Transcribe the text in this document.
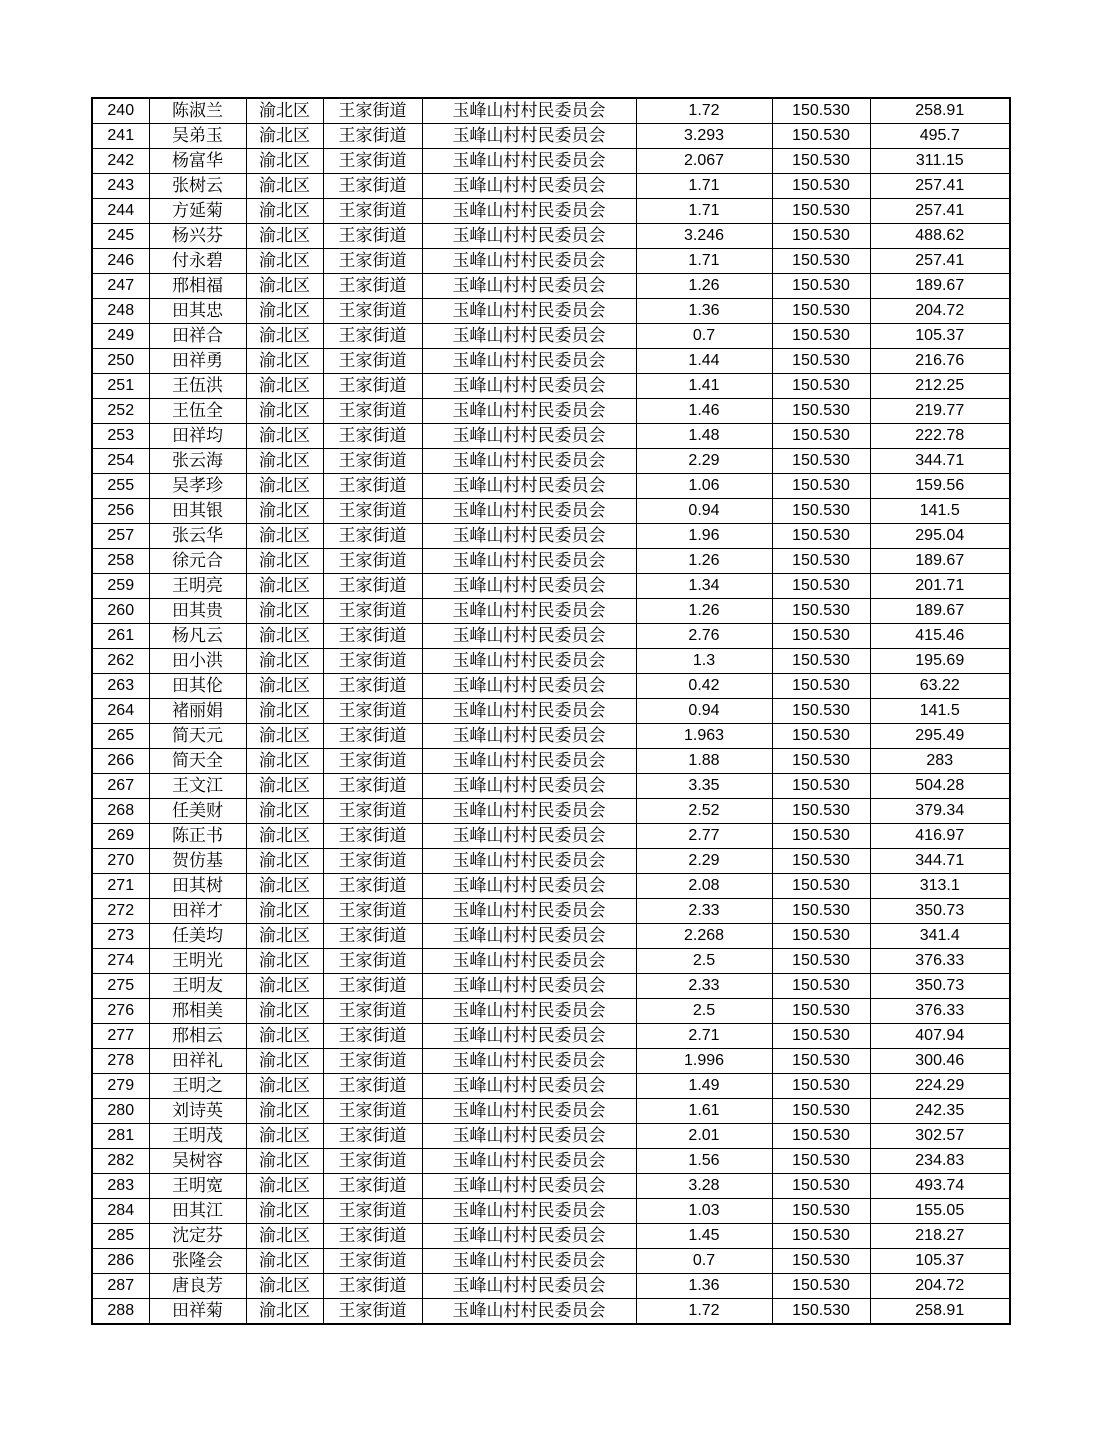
240	陈淑兰	渝北区	王家街道	玉峰山村村民委员会	1.72	150.530	258.91
241	吴弟玉	渝北区	王家街道	玉峰山村村民委员会	3.293	150.530	495.7
242	杨富华	渝北区	王家街道	玉峰山村村民委员会	2.067	150.530	311.15
243	张树云	渝北区	王家街道	玉峰山村村民委员会	1.71	150.530	257.41
244	方延菊	渝北区	王家街道	玉峰山村村民委员会	1.71	150.530	257.41
245	杨兴芬	渝北区	王家街道	玉峰山村村民委员会	3.246	150.530	488.62
246	付永碧	渝北区	王家街道	玉峰山村村民委员会	1.71	150.530	257.41
247	邢相福	渝北区	王家街道	玉峰山村村民委员会	1.26	150.530	189.67
248	田其忠	渝北区	王家街道	玉峰山村村民委员会	1.36	150.530	204.72
249	田祥合	渝北区	王家街道	玉峰山村村民委员会	0.7	150.530	105.37
250	田祥勇	渝北区	王家街道	玉峰山村村民委员会	1.44	150.530	216.76
251	王伍洪	渝北区	王家街道	玉峰山村村民委员会	1.41	150.530	212.25
252	王伍全	渝北区	王家街道	玉峰山村村民委员会	1.46	150.530	219.77
253	田祥均	渝北区	王家街道	玉峰山村村民委员会	1.48	150.530	222.78
254	张云海	渝北区	王家街道	玉峰山村村民委员会	2.29	150.530	344.71
255	吴孝珍	渝北区	王家街道	玉峰山村村民委员会	1.06	150.530	159.56
256	田其银	渝北区	王家街道	玉峰山村村民委员会	0.94	150.530	141.5
257	张云华	渝北区	王家街道	玉峰山村村民委员会	1.96	150.530	295.04
258	徐元合	渝北区	王家街道	玉峰山村村民委员会	1.26	150.530	189.67
259	王明亮	渝北区	王家街道	玉峰山村村民委员会	1.34	150.530	201.71
260	田其贵	渝北区	王家街道	玉峰山村村民委员会	1.26	150.530	189.67
261	杨凡云	渝北区	王家街道	玉峰山村村民委员会	2.76	150.530	415.46
262	田小洪	渝北区	王家街道	玉峰山村村民委员会	1.3	150.530	195.69
263	田其伦	渝北区	王家街道	玉峰山村村民委员会	0.42	150.530	63.22
264	褚丽娟	渝北区	王家街道	玉峰山村村民委员会	0.94	150.530	141.5
265	简天元	渝北区	王家街道	玉峰山村村民委员会	1.963	150.530	295.49
266	简天全	渝北区	王家街道	玉峰山村村民委员会	1.88	150.530	283
267	王文江	渝北区	王家街道	玉峰山村村民委员会	3.35	150.530	504.28
268	任美财	渝北区	王家街道	玉峰山村村民委员会	2.52	150.530	379.34
269	陈正书	渝北区	王家街道	玉峰山村村民委员会	2.77	150.530	416.97
270	贺仿基	渝北区	王家街道	玉峰山村村民委员会	2.29	150.530	344.71
271	田其树	渝北区	王家街道	玉峰山村村民委员会	2.08	150.530	313.1
272	田祥才	渝北区	王家街道	玉峰山村村民委员会	2.33	150.530	350.73
273	任美均	渝北区	王家街道	玉峰山村村民委员会	2.268	150.530	341.4
274	王明光	渝北区	王家街道	玉峰山村村民委员会	2.5	150.530	376.33
275	王明友	渝北区	王家街道	玉峰山村村民委员会	2.33	150.530	350.73
276	邢相美	渝北区	王家街道	玉峰山村村民委员会	2.5	150.530	376.33
277	邢相云	渝北区	王家街道	玉峰山村村民委员会	2.71	150.530	407.94
278	田祥礼	渝北区	王家街道	玉峰山村村民委员会	1.996	150.530	300.46
279	王明之	渝北区	王家街道	玉峰山村村民委员会	1.49	150.530	224.29
280	刘诗英	渝北区	王家街道	玉峰山村村民委员会	1.61	150.530	242.35
281	王明茂	渝北区	王家街道	玉峰山村村民委员会	2.01	150.530	302.57
282	吴树容	渝北区	王家街道	玉峰山村村民委员会	1.56	150.530	234.83
283	王明宽	渝北区	王家街道	玉峰山村村民委员会	3.28	150.530	493.74
284	田其江	渝北区	王家街道	玉峰山村村民委员会	1.03	150.530	155.05
285	沈定芬	渝北区	王家街道	玉峰山村村民委员会	1.45	150.530	218.27
286	张隆会	渝北区	王家街道	玉峰山村村民委员会	0.7	150.530	105.37
287	唐良芳	渝北区	王家街道	玉峰山村村民委员会	1.36	150.530	204.72
288	田祥菊	渝北区	王家街道	玉峰山村村民委员会	1.72	150.530	258.91
